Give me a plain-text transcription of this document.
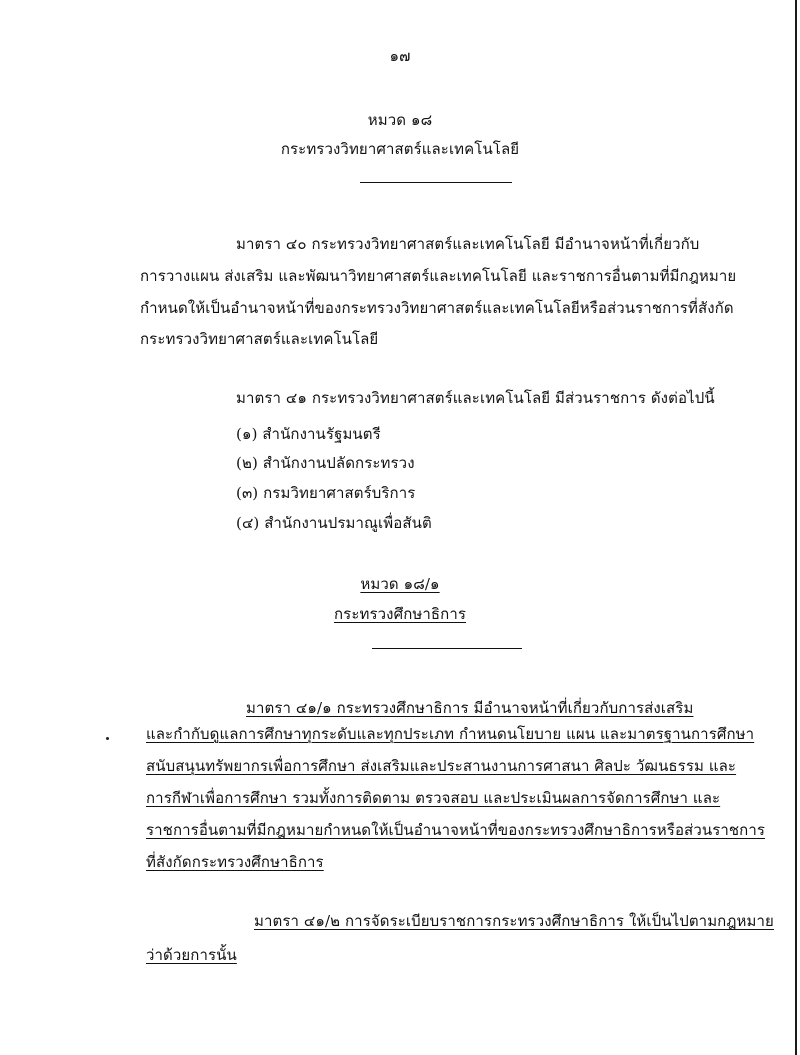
๑๗
หมวด ๑๘
กระทรวงวิทยาศาสตร์และเทคโนโลยี
มาตรา ๔๐ กระทรวงวิทยาศาสตร์และเทคโนโลยี มีอำนาจหน้าที่เกี่ยวกับ
การวางแผน ส่งเสริม และพัฒนาวิทยาศาสตร์และเทคโนโลยี และราชการอื่นตามที่มีกฎหมาย
กำหนดให้เป็นอำนาจหน้าที่ของกระทรวงวิทยาศาสตร์และเทคโนโลยีหรือส่วนราชการที่สังกัด
กระทรวงวิทยาศาสตร์และเทคโนโลยี
มาตรา ๔๑ กระทรวงวิทยาศาสตร์และเทคโนโลยี มีส่วนราชการ ดังต่อไปนี้
(๑) สำนักงานรัฐมนตรี
(๒) สำนักงานปลัดกระทรวง
(๓) กรมวิทยาศาสตร์บริการ
(๔) สำนักงานปรมาณูเพื่อสันติ
หมวด ๑๘/๑
กระทรวงศึกษาธิการ
มาตรา ๔๑/๑ กระทรวงศึกษาธิการ มีอำนาจหน้าที่เกี่ยวกับการส่งเสริม
และกำกับดูแลการศึกษาทุกระดับและทุกประเภท กำหนดนโยบาย แผน และมาตรฐานการศึกษา
สนับสนุนทรัพยากรเพื่อการศึกษา ส่งเสริมและประสานงานการศาสนา ศิลปะ วัฒนธรรม และ
การกีฬาเพื่อการศึกษา รวมทั้งการติดตาม ตรวจสอบ และประเมินผลการจัดการศึกษา และ
ราชการอื่นตามที่มีกฎหมายกำหนดให้เป็นอำนาจหน้าที่ของกระทรวงศึกษาธิการหรือส่วนราชการ
ที่สังกัดกระทรวงศึกษาธิการ
มาตรา ๔๑/๒ การจัดระเบียบราชการกระทรวงศึกษาธิการ ให้เป็นไปตามกฎหมาย
ว่าด้วยการนั้น
